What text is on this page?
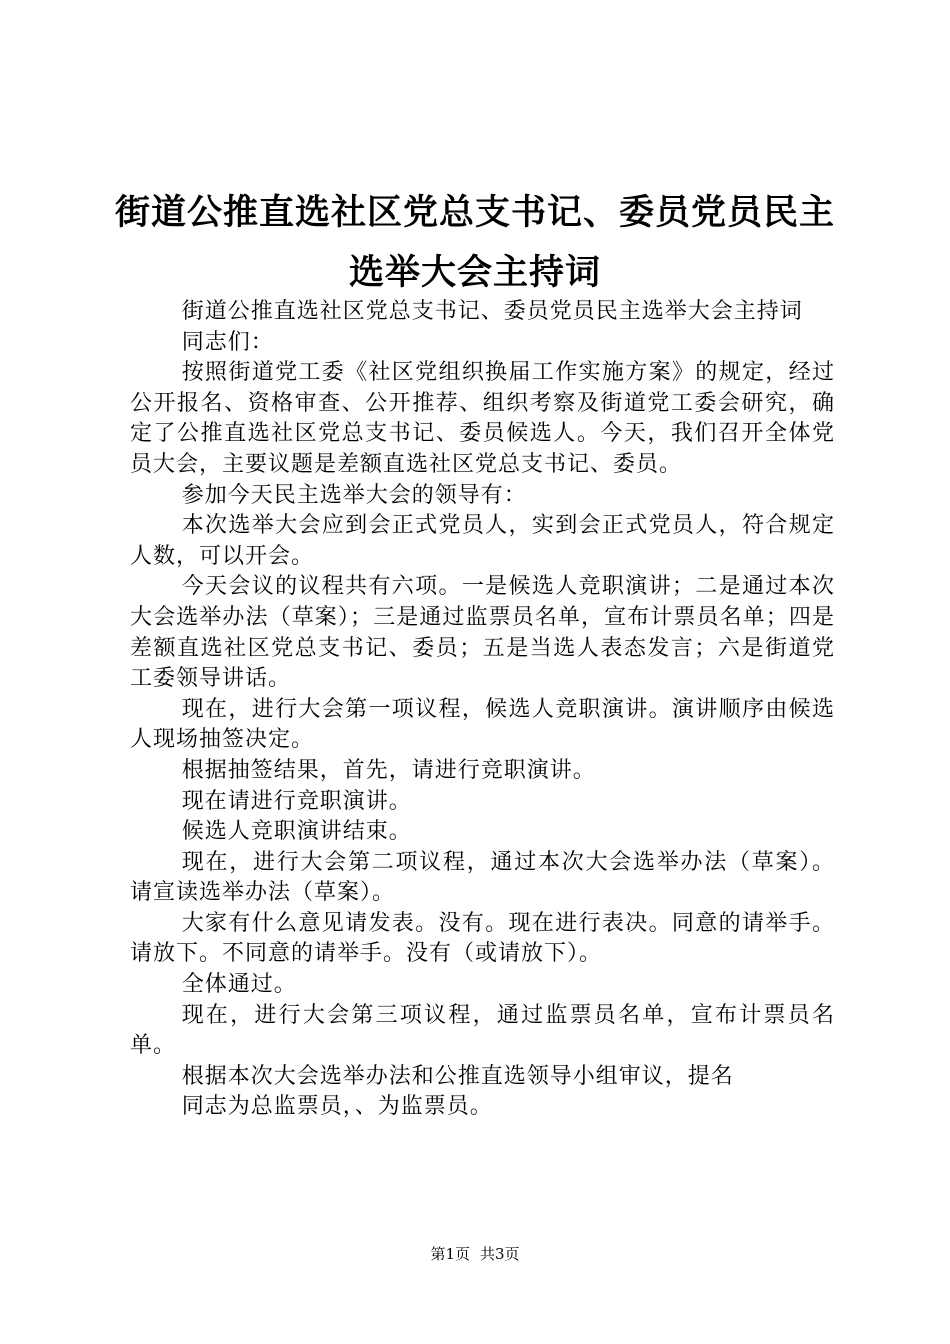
街道公推直选社区党总支书记、委员党员民主
选举大会主持词

街道公推直选社区党总支书记、委员党员民主选举大会主持词

同志们：

按照街道党工委《社区党组织换届工作实施方案》的规定，经过公开报名、资格审查、公开推荐、组织考察及街道党工委会研究，确定了公推直选社区党总支书记、委员候选人。今天，我们召开全体党员大会，主要议题是差额直选社区党总支书记、委员。

参加今天民主选举大会的领导有：

本次选举大会应到会正式党员人，实到会正式党员人，符合规定人数，可以开会。

今天会议的议程共有六项。一是候选人竞职演讲；二是通过本次大会选举办法（草案）；三是通过监票员名单，宣布计票员名单；四是差额直选社区党总支书记、委员；五是当选人表态发言；六是街道党工委领导讲话。

现在，进行大会第一项议程，候选人竞职演讲。演讲顺序由候选人现场抽签决定。

根据抽签结果，首先，请进行竞职演讲。

现在请进行竞职演讲。

候选人竞职演讲结束。

现在，进行大会第二项议程，通过本次大会选举办法（草案）。请宣读选举办法（草案）。

大家有什么意见请发表。没有。现在进行表决。同意的请举手。请放下。不同意的请举手。没有（或请放下）。

全体通过。

现在，进行大会第三项议程，通过监票员名单，宣布计票员名单。

根据本次大会选举办法和公推直选领导小组审议，提名

同志为总监票员，、为监票员。

第1页 共3页
